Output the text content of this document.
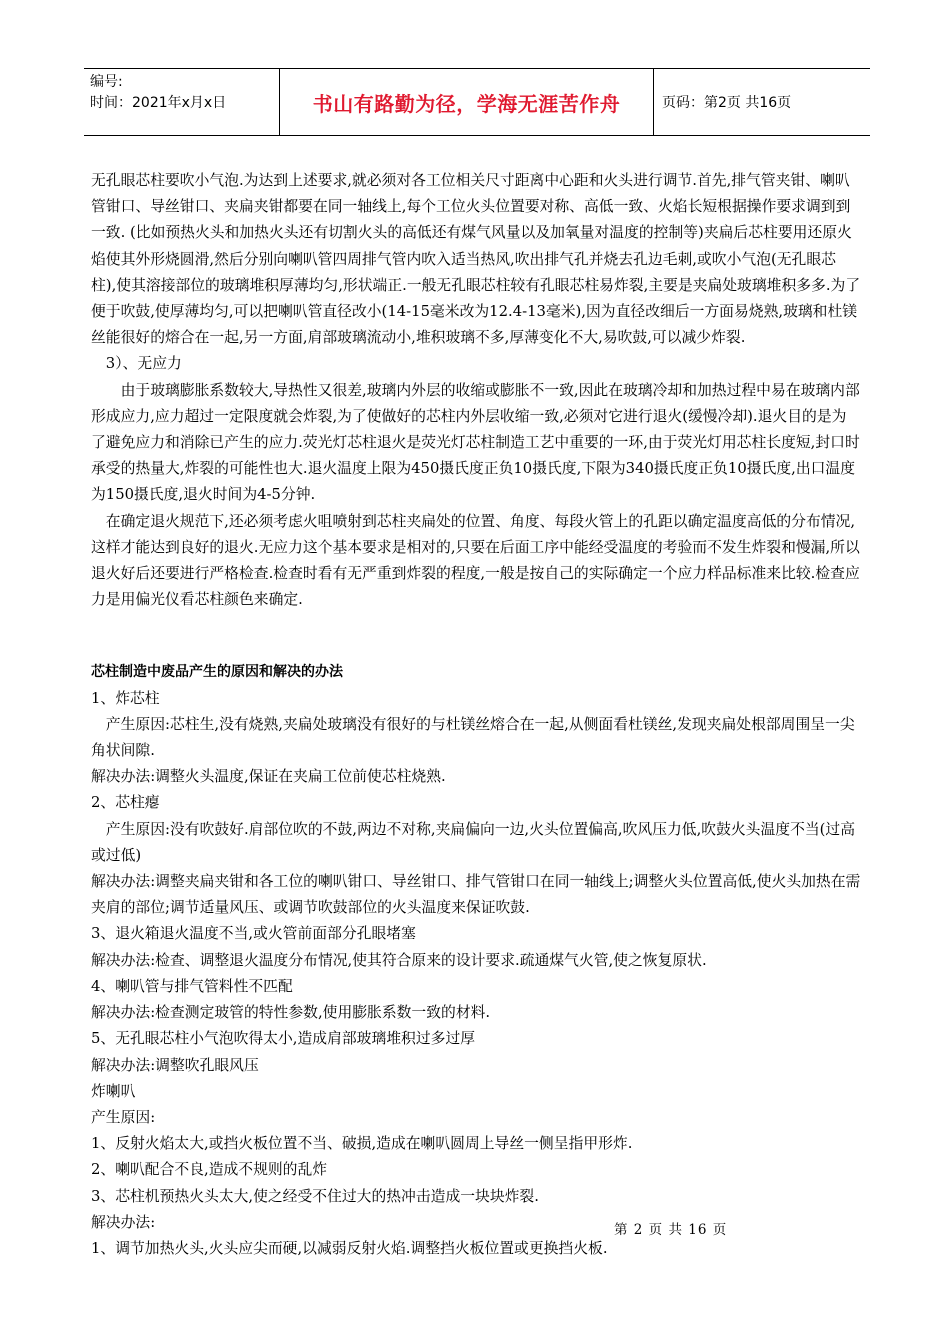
编号:
时间：2021年x月x日	书山有路勤为径，学海无涯苦作舟	页码：第2页 共16页

无孔眼芯柱要吹小气泡.为达到上述要求,就必须对各工位相关尺寸距离中心距和火头进行调节.首先,排气管夹钳、喇叭管钳口、导丝钳口、夹扁夹钳都要在同一轴线上,每个工位火头位置要对称、高低一致、火焰长短根据操作要求调到到一致. (比如预热火头和加热火头还有切割火头的高低还有煤气风量以及加氧量对温度的控制等)夹扁后芯柱要用还原火焰使其外形烧圆滑,然后分别向喇叭管四周排气管内吹入适当热风,吹出排气孔并烧去孔边毛刺,或吹小气泡(无孔眼芯柱),使其溶接部位的玻璃堆积厚薄均匀,形状端正.一般无孔眼芯柱较有孔眼芯柱易炸裂,主要是夹扁处玻璃堆积多多.为了便于吹鼓,使厚薄均匀,可以把喇叭管直径改小(14-15毫米改为12.4-13毫米),因为直径改细后一方面易烧熟,玻璃和杜镁丝能很好的熔合在一起,另一方面,肩部玻璃流动小,堆积玻璃不多,厚薄变化不大,易吹鼓,可以减少炸裂.

3）、无应力

由于玻璃膨胀系数较大,导热性又很差,玻璃内外层的收缩或膨胀不一致,因此在玻璃冷却和加热过程中易在玻璃内部形成应力,应力超过一定限度就会炸裂,为了使做好的芯柱内外层收缩一致,必须对它进行退火(缓慢冷却).退火目的是为了避免应力和消除已产生的应力.荧光灯芯柱退火是荧光灯芯柱制造工艺中重要的一环,由于荧光灯用芯柱长度短,封口时承受的热量大,炸裂的可能性也大.退火温度上限为450摄氏度正负10摄氏度,下限为340摄氏度正负10摄氏度,出口温度为150摄氏度,退火时间为4-5分钟.

在确定退火规范下,还必须考虑火咀喷射到芯柱夹扁处的位置、角度、每段火管上的孔距以确定温度高低的分布情况,这样才能达到良好的退火.无应力这个基本要求是相对的,只要在后面工序中能经受温度的考验而不发生炸裂和慢漏,所以退火好后还要进行严格检查.检查时看有无严重到炸裂的程度,一般是按自己的实际确定一个应力样品标准来比较.检查应力是用偏光仪看芯柱颜色来确定.

芯柱制造中废品产生的原因和解决的办法

1、炸芯柱

产生原因:芯柱生,没有烧熟,夹扁处玻璃没有很好的与杜镁丝熔合在一起,从侧面看杜镁丝,发现夹扁处根部周围呈一尖角状间隙.

解决办法:调整火头温度,保证在夹扁工位前使芯柱烧熟.

2、芯柱瘪

产生原因:没有吹鼓好.肩部位吹的不鼓,两边不对称,夹扁偏向一边,火头位置偏高,吹风压力低,吹鼓火头温度不当(过高或过低)

解决办法:调整夹扁夹钳和各工位的喇叭钳口、导丝钳口、排气管钳口在同一轴线上;调整火头位置高低,使火头加热在需夹肩的部位;调节适量风压、或调节吹鼓部位的火头温度来保证吹鼓.

3、退火箱退火温度不当,或火管前面部分孔眼堵塞

解决办法:检查、调整退火温度分布情况,使其符合原来的设计要求.疏通煤气火管,使之恢复原状.

4、喇叭管与排气管料性不匹配

解决办法:检查测定玻管的特性参数,使用膨胀系数一致的材料.

5、无孔眼芯柱小气泡吹得太小,造成肩部玻璃堆积过多过厚

解决办法:调整吹孔眼风压

炸喇叭

产生原因:

1、反射火焰太大,或挡火板位置不当、破损,造成在喇叭圆周上导丝一侧呈指甲形炸.

2、喇叭配合不良,造成不规则的乱炸

3、芯柱机预热火头太大,使之经受不住过大的热冲击造成一块块炸裂.

解决办法:

1、调节加热火头,火头应尖而硬,以减弱反射火焰.调整挡火板位置或更换挡火板.

第 2 页 共 16 页
